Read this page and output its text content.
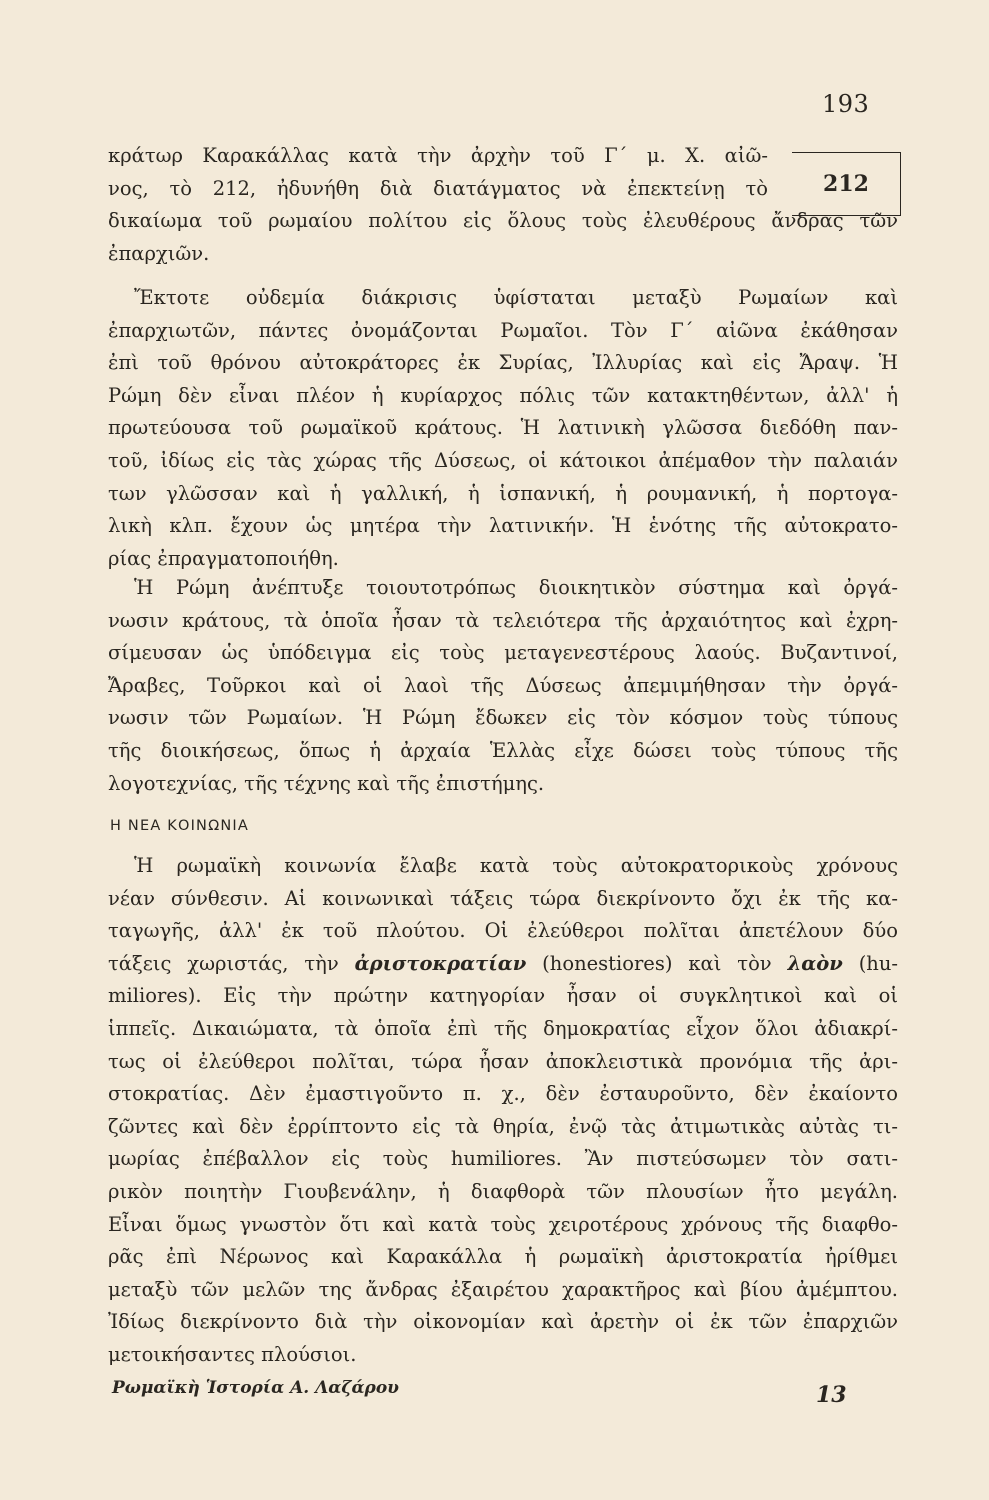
193
212
κράτωρ Καρακάλλας κατὰ τὴν ἀρχὴν τοῦ Γ΄ μ. Χ. αἰῶ-
νος, τὸ 212, ἠδυνήθη διὰ διατάγματος νὰ ἐπεκτείνῃ τὸ
δικαίωμα τοῦ ρωμαίου πολίτου εἰς ὅλους τοὺς ἐλευθέρους ἄνδρας τῶν
ἐπαρχιῶν.
Ἔκτοτε οὐδεμία διάκρισις ὑφίσταται μεταξὺ Ρωμαίων καὶ
ἐπαρχιωτῶν, πάντες ὀνομάζονται Ρωμαῖοι. Τὸν Γ΄ αἰῶνα ἐκάθησαν
ἐπὶ τοῦ θρόνου αὐτοκράτορες ἐκ Συρίας, Ἰλλυρίας καὶ εἰς Ἄραψ. Ἡ
Ρώμη δὲν εἶναι πλέον ἡ κυρίαρχος πόλις τῶν κατακτηθέντων, ἀλλ' ἡ
πρωτεύουσα τοῦ ρωμαϊκοῦ κράτους. Ἡ λατινικὴ γλῶσσα διεδόθη παν-
τοῦ, ἰδίως εἰς τὰς χώρας τῆς Δύσεως, οἱ κάτοικοι ἀπέμαθον τὴν παλαιάν
των γλῶσσαν καὶ ἡ γαλλική, ἡ ἱσπανική, ἡ ρουμανική, ἡ πορτογα-
λικὴ κλπ. ἔχουν ὡς μητέρα τὴν λατινικήν. Ἡ ἑνότης τῆς αὐτοκρατο-
ρίας ἐπραγματοποιήθη.
Ἡ Ρώμη ἀνέπτυξε τοιουτοτρόπως διοικητικὸν σύστημα καὶ ὀργά-
νωσιν κράτους, τὰ ὁποῖα ἦσαν τὰ τελειότερα τῆς ἀρχαιότητος καὶ ἐχρη-
σίμευσαν ὡς ὑπόδειγμα εἰς τοὺς μεταγενεστέρους λαούς. Βυζαντινοί,
Ἄραβες, Τοῦρκοι καὶ οἱ λαοὶ τῆς Δύσεως ἀπεμιμήθησαν τὴν ὀργά-
νωσιν τῶν Ρωμαίων. Ἡ Ρώμη ἔδωκεν εἰς τὸν κόσμον τοὺς τύπους
τῆς διοικήσεως, ὅπως ἡ ἀρχαία Ἑλλὰς εἶχε δώσει τοὺς τύπους τῆς
λογοτεχνίας, τῆς τέχνης καὶ τῆς ἐπιστήμης.
Η ΝΕΑ ΚΟΙΝΩΝΙΑ
Ἡ ρωμαϊκὴ κοινωνία ἔλαβε κατὰ τοὺς αὐτοκρατορικοὺς χρόνους
νέαν σύνθεσιν. Αἱ κοινωνικαὶ τάξεις τώρα διεκρίνοντο ὄχι ἐκ τῆς κα-
ταγωγῆς, ἀλλ' ἐκ τοῦ πλούτου. Οἱ ἐλεύθεροι πολῖται ἀπετέλουν δύο
τάξεις χωριστάς, τὴν ἀριστοκρατίαν (honestiores) καὶ τὸν λαὸν (hu-
miliores). Εἰς τὴν πρώτην κατηγορίαν ἦσαν οἱ συγκλητικοὶ καὶ οἱ
ἱππεῖς. Δικαιώματα, τὰ ὁποῖα ἐπὶ τῆς δημοκρατίας εἶχον ὅλοι ἀδιακρί-
τως οἱ ἐλεύθεροι πολῖται, τώρα ἦσαν ἀποκλειστικὰ προνόμια τῆς ἀρι-
στοκρατίας. Δὲν ἐμαστιγοῦντο π. χ., δὲν ἐσταυροῦντο, δὲν ἐκαίοντο
ζῶντες καὶ δὲν ἐρρίπτοντο εἰς τὰ θηρία, ἐνῷ τὰς ἀτιμωτικὰς αὐτὰς τι-
μωρίας ἐπέβαλλον εἰς τοὺς humiliores. Ἂν πιστεύσωμεν τὸν σατι-
ρικὸν ποιητὴν Γιουβενάλην, ἡ διαφθορὰ τῶν πλουσίων ἦτο μεγάλη.
Εἶναι ὅμως γνωστὸν ὅτι καὶ κατὰ τοὺς χειροτέρους χρόνους τῆς διαφθο-
ρᾶς ἐπὶ Νέρωνος καὶ Καρακάλλα ἡ ρωμαϊκὴ ἀριστοκρατία ἠρίθμει
μεταξὺ τῶν μελῶν της ἄνδρας ἐξαιρέτου χαρακτῆρος καὶ βίου ἀμέμπτου.
Ἰδίως διεκρίνοντο διὰ τὴν οἰκονομίαν καὶ ἀρετὴν οἱ ἐκ τῶν ἐπαρχιῶν
μετοικήσαντες πλούσιοι.
Ρωμαϊκὴ Ἱστορία Α. Λαζάρου	13
